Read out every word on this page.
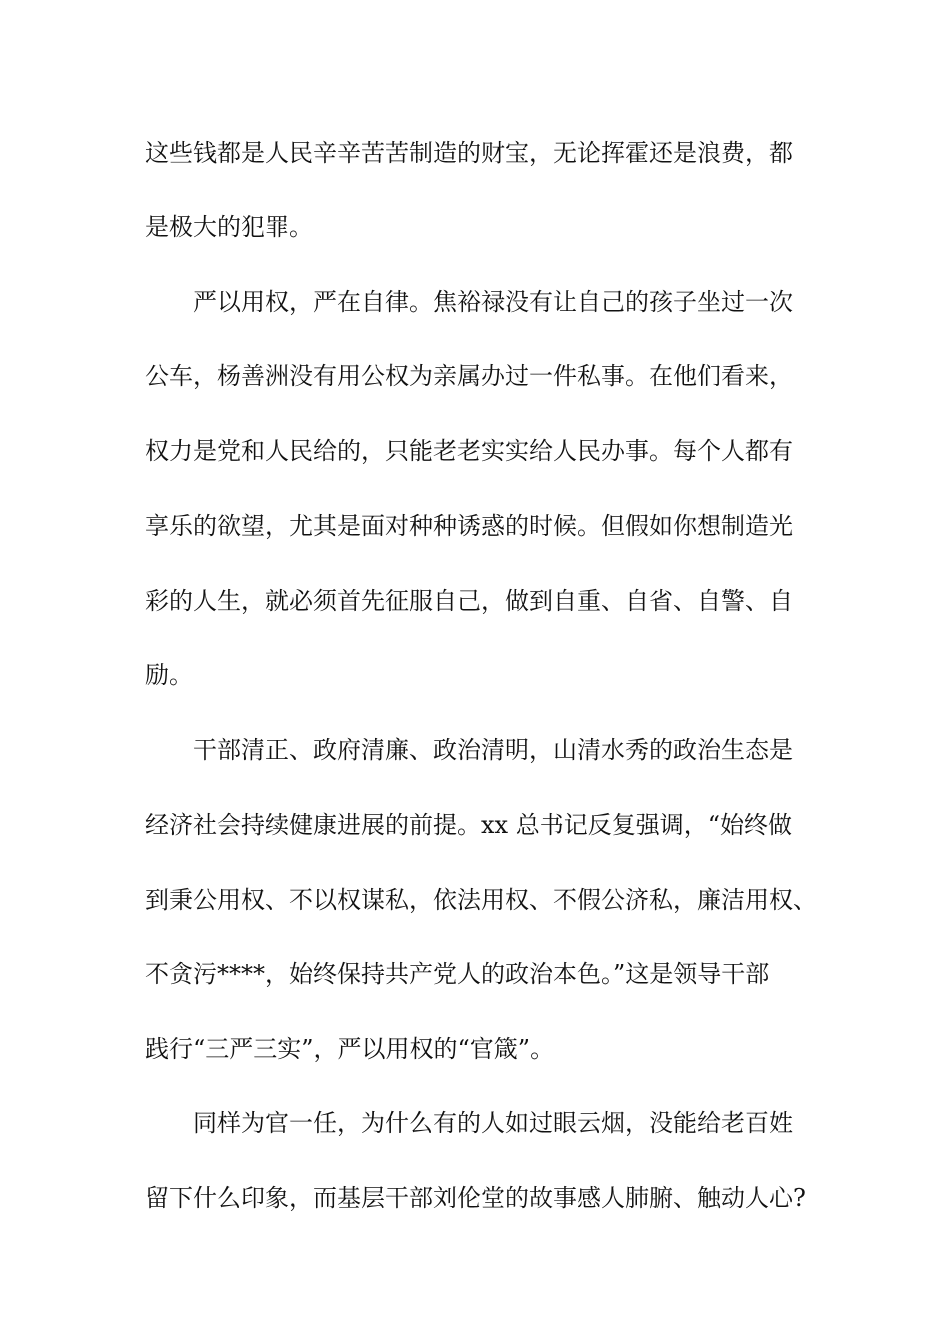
这些钱都是人民辛辛苦苦制造的财宝，无论挥霍还是浪费，都
是极大的犯罪。
严以用权，严在自律。焦裕禄没有让自己的孩子坐过一次
公车，杨善洲没有用公权为亲属办过一件私事。在他们看来，
权力是党和人民给的，只能老老实实给人民办事。每个人都有
享乐的欲望，尤其是面对种种诱惑的时候。但假如你想制造光
彩的人生，就必须首先征服自己，做到自重、自省、自警、自
励。
干部清正、政府清廉、政治清明，山清水秀的政治生态是
经济社会持续健康进展的前提。xx 总书记反复强调，“始终做
到秉公用权、不以权谋私，依法用权、不假公济私，廉洁用权、
不贪污****，始终保持共产党人的政治本色。”这是领导干部
践行“三严三实”，严以用权的“官箴”。
同样为官一任，为什么有的人如过眼云烟，没能给老百姓
留下什么印象，而基层干部刘伦堂的故事感人肺腑、触动人心?
